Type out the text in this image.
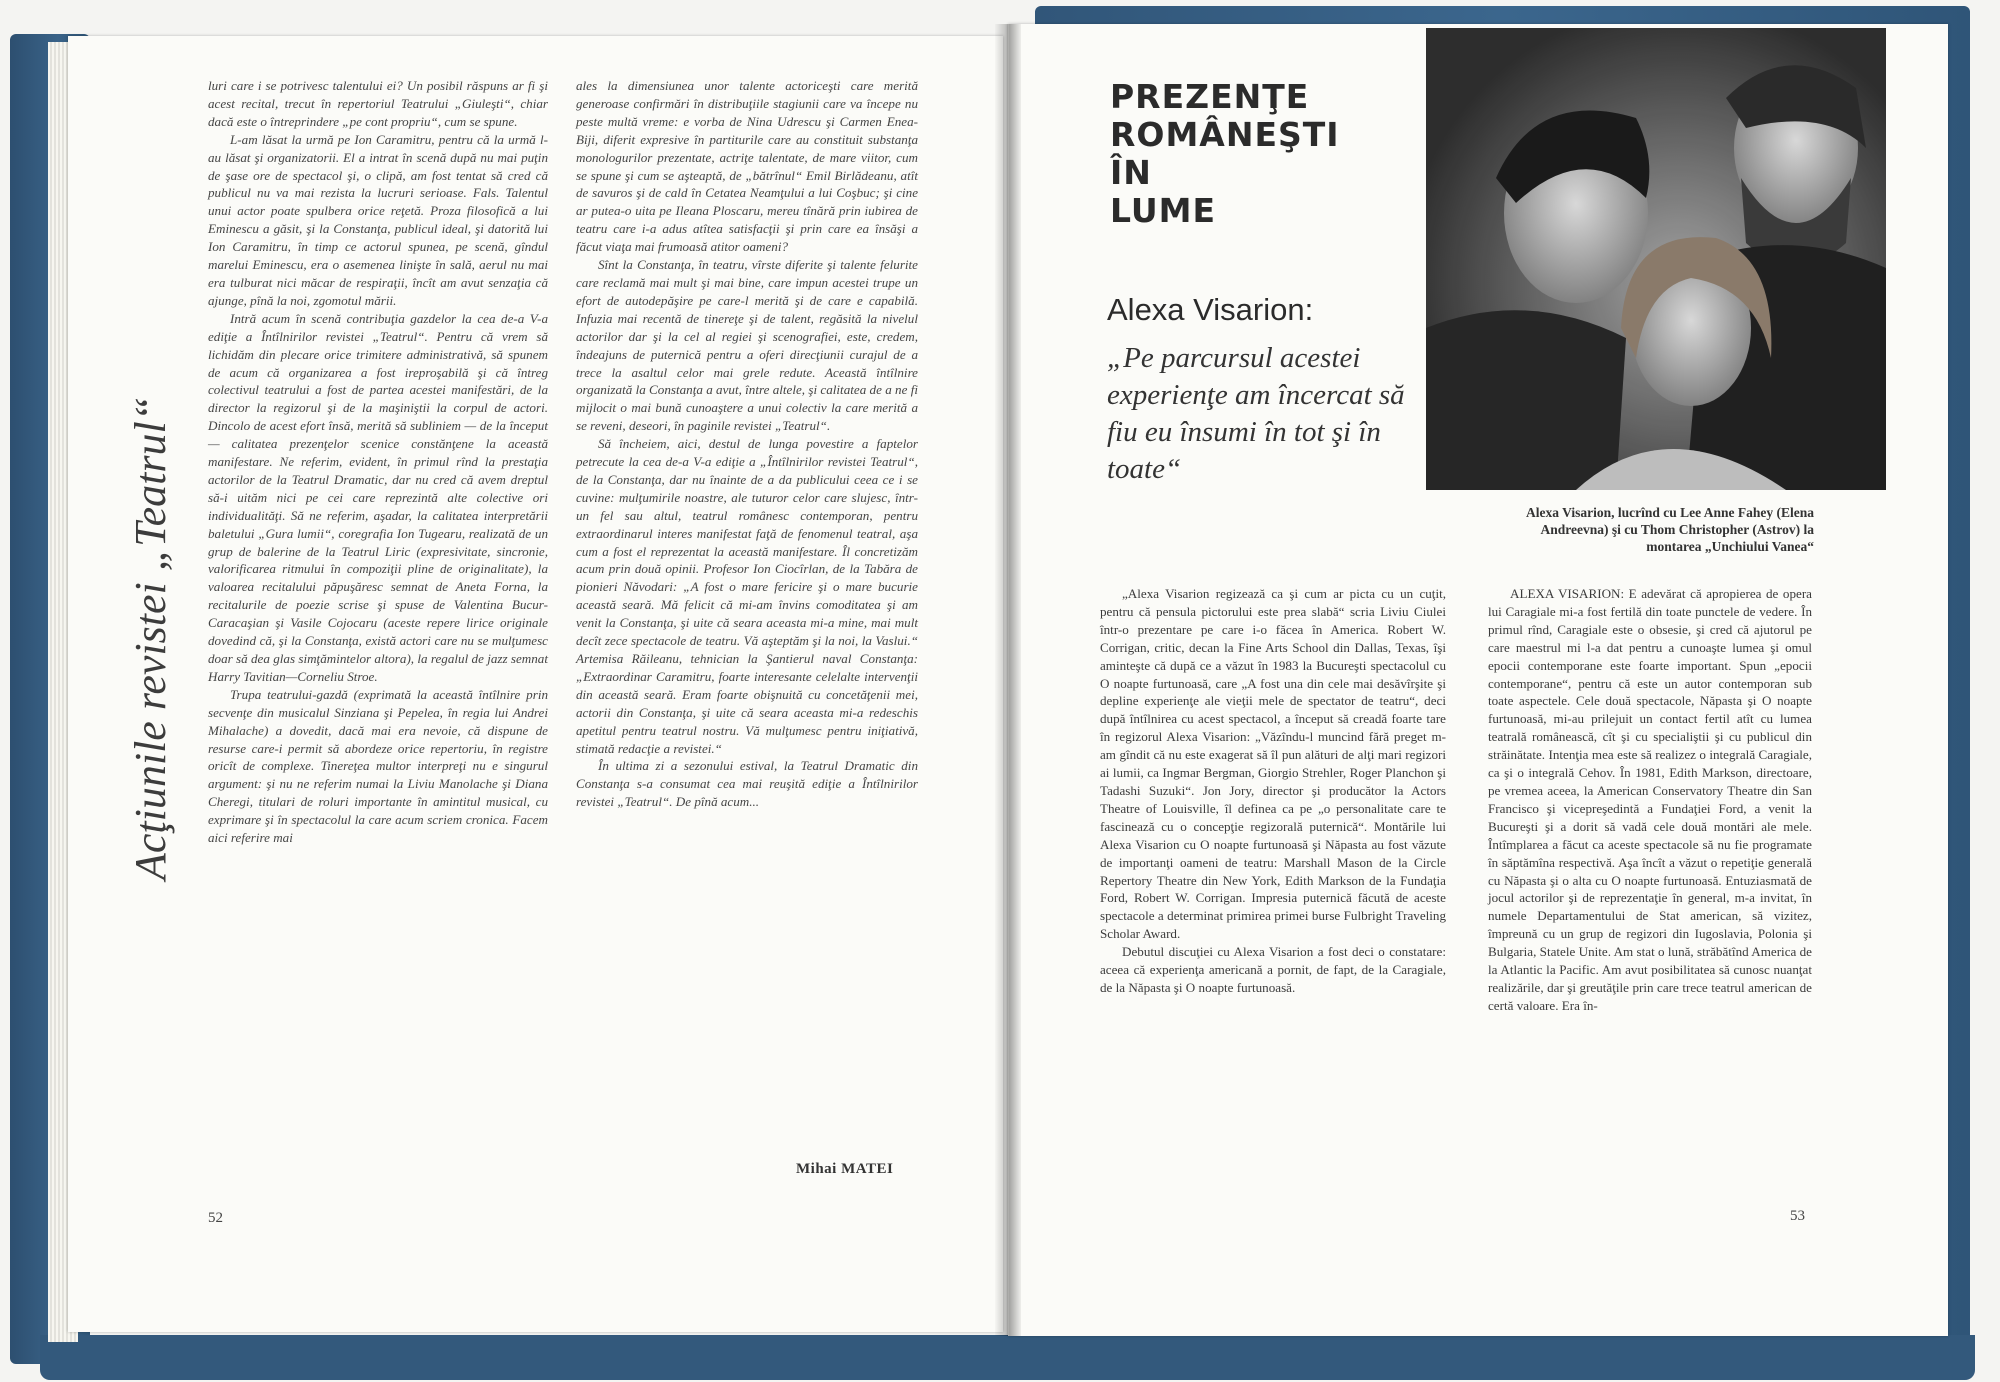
Acţiunile revistei „Teatrul“

luri care i se potrivesc talentului ei? Un posibil răspuns ar fi şi acest recital, trecut în repertoriul Teatrului „Giuleşti“, chiar dacă este o întreprindere „pe cont propriu“, cum se spune.

L-am lăsat la urmă pe Ion Caramitru, pentru că la urmă l-au lăsat şi organizatorii. El a intrat în scenă după nu mai puţin de şase ore de spectacol şi, o clipă, am fost tentat să cred că publicul nu va mai rezista la lucruri serioase. Fals. Talentul unui actor poate spulbera orice reţetă. Proza filosofică a lui Eminescu a găsit, şi la Constanţa, publicul ideal, şi datorită lui Ion Caramitru, în timp ce actorul spunea, pe scenă, gîndul marelui Eminescu, era o asemenea linişte în sală, aerul nu mai era tulburat nici măcar de respiraţii, încît am avut senzaţia că ajunge, pînă la noi, zgomotul mării.

Intră acum în scenă contribuţia gazdelor la cea de-a V-a ediţie a Întîlnirilor revistei „Teatrul“. Pentru că vrem să lichidăm din plecare orice trimitere administrativă, să spunem de acum că organizarea a fost ireproşabilă şi că întreg colectivul teatrului a fost de partea acestei manifestări, de la director la regizorul şi de la maşiniştii la corpul de actori. Dincolo de acest efort însă, merită să subliniem — de la început — calitatea prezenţelor scenice constănţene la această manifestare. Ne referim, evident, în primul rînd la prestaţia actorilor de la Teatrul Dramatic, dar nu cred că avem dreptul să-i uităm nici pe cei care reprezintă alte colective ori individualităţi. Să ne referim, aşadar, la calitatea interpretării baletului „Gura lumii“, coregrafia Ion Tugearu, realizată de un grup de balerine de la Teatrul Liric (expresivitate, sincronie, valorificarea ritmului în compoziţii pline de originalitate), la valoarea recitalului păpuşăresc semnat de Aneta Forna, la recitalurile de poezie scrise şi spuse de Valentina Bucur-Caracaşian şi Vasile Cojocaru (aceste repere lirice originale dovedind că, şi la Constanţa, există actori care nu se mulţumesc doar să dea glas simţămintelor altora), la regalul de jazz semnat Harry Tavitian—Corneliu Stroe.

Trupa teatrului-gazdă (exprimată la această întîlnire prin secvenţe din musicalul Sinziana şi Pepelea, în regia lui Andrei Mihalache) a dovedit, dacă mai era nevoie, că dispune de resurse care-i permit să abordeze orice repertoriu, în registre oricît de complexe. Tinereţea multor interpreţi nu e singurul argument: şi nu ne referim numai la Liviu Manolache şi Diana Cheregi, titulari de roluri importante în amintitul musical, cu exprimare şi în spectacolul la care acum scriem cronica. Facem aici referire mai

ales la dimensiunea unor talente actoriceşti care merită generoase confirmări în distribuţiile stagiunii care va începe nu peste multă vreme: e vorba de Nina Udrescu şi Carmen Enea-Biji, diferit expresive în partiturile care au constituit substanţa monologurilor prezentate, actriţe talentate, de mare viitor, cum se spune şi cum se aşteaptă, de „bătrînul“ Emil Birlădeanu, atît de savuros şi de cald în Cetatea Neamţului a lui Coşbuc; şi cine ar putea-o uita pe Ileana Ploscaru, mereu tînără prin iubirea de teatru care i-a adus atîtea satisfacţii şi prin care ea însăşi a făcut viaţa mai frumoasă atitor oameni?

Sînt la Constanţa, în teatru, vîrste diferite şi talente felurite care reclamă mai mult şi mai bine, care impun acestei trupe un efort de autodepăşire pe care-l merită şi de care e capabilă. Infuzia mai recentă de tinereţe şi de talent, regăsită la nivelul actorilor dar şi la cel al regiei şi scenografiei, este, credem, îndeajuns de puternică pentru a oferi direcţiunii curajul de a trece la asaltul celor mai grele redute. Această întîlnire organizată la Constanţa a avut, între altele, şi calitatea de a ne fi mijlocit o mai bună cunoaştere a unui colectiv la care merită a se reveni, deseori, în paginile revistei „Teatrul“.

Să încheiem, aici, destul de lunga povestire a faptelor petrecute la cea de-a V-a ediţie a „Întîlnirilor revistei Teatrul“, de la Constanţa, dar nu înainte de a da publicului ceea ce i se cuvine: mulţumirile noastre, ale tuturor celor care slujesc, într-un fel sau altul, teatrul românesc contemporan, pentru extraordinarul interes manifestat faţă de fenomenul teatral, aşa cum a fost el reprezentat la această manifestare. Îl concretizăm acum prin două opinii. Profesor Ion Ciocîrlan, de la Tabăra de pionieri Năvodari: „A fost o mare fericire şi o mare bucurie această seară. Mă felicit că mi-am învins comoditatea şi am venit la Constanţa, şi uite că seara aceasta mi-a mine, mai mult decît zece spectacole de teatru. Vă aşteptăm şi la noi, la Vaslui.“ Artemisa Răileanu, tehnician la Şantierul naval Constanţa: „Extraordinar Caramitru, foarte interesante celelalte intervenţii din această seară. Eram foarte obişnuită cu concetăţenii mei, actorii din Constanţa, şi uite că seara aceasta mi-a redeschis apetitul pentru teatrul nostru. Vă mulţumesc pentru iniţiativă, stimată redacţie a revistei.“

În ultima zi a sezonului estival, la Teatrul Dramatic din Constanţa s-a consumat cea mai reuşită ediţie a Întîlnirilor revistei „Teatrul“. De pînă acum...

Mihai MATEI
52
PREZENŢE
ROMÂNEŞTI
ÎN
LUME
Alexa Visarion:
„Pe parcursul acestei experienţe am încercat să fiu eu însumi în tot şi în toate“
Alexa Visarion, lucrînd cu Lee Anne Fahey (Elena Andreevna) şi cu Thom Christopher (Astrov) la montarea „Unchiului Vanea“

„Alexa Visarion regizează ca şi cum ar picta cu un cuţit, pentru că pensula pictorului este prea slabă“ scria Liviu Ciulei într-o prezentare pe care i-o făcea în America. Robert W. Corrigan, critic, decan la Fine Arts School din Dallas, Texas, îşi aminteşte că după ce a văzut în 1983 la Bucureşti spectacolul cu O noapte furtunoasă, care „A fost una din cele mai desăvîrşite şi depline experienţe ale vieţii mele de spectator de teatru“, deci după întîlnirea cu acest spectacol, a început să creadă foarte tare în regizorul Alexa Visarion: „Văzîndu-l muncind fără preget m-am gîndit că nu este exagerat să îl pun alături de alţi mari regizori ai lumii, ca Ingmar Bergman, Giorgio Strehler, Roger Planchon şi Tadashi Suzuki“. Jon Jory, director şi producător la Actors Theatre of Louisville, îl defineа ca pe „o personalitate care te fascinează cu o concepţie regizorală puternică“. Montările lui Alexa Visarion cu O noapte furtunoasă şi Năpasta au fost văzute de importanţi oameni de teatru: Marshall Mason de la Circle Repertory Theatre din New York, Edith Markson de la Fundaţia Ford, Robert W. Corrigan. Impresia puternică făcută de aceste spectacole a determinat primirea primei burse Fulbright Traveling Scholar Award.

Debutul discuţiei cu Alexa Visarion a fost deci o constatare: aceea că experienţa americană a pornit, de fapt, de la Caragiale, de la Năpasta şi O noapte furtunoasă.

ALEXA VISARION: E adevărat că apropierea de opera lui Caragiale mi-a fost fertilă din toate punctele de vedere. În primul rînd, Caragiale este o obsesie, şi cred că ajutorul pe care maestrul mi l-a dat pentru a cunoaşte lumea şi omul epocii contemporane este foarte important. Spun „epocii contemporane“, pentru că este un autor contemporan sub toate aspectele. Cele două spectacole, Năpasta şi O noapte furtunoasă, mi-au prilejuit un contact fertil atît cu lumea teatrală românească, cît şi cu specialiştii şi cu publicul din străinătate. Intenţia mea este să realizez o integrală Caragiale, ca şi o integrală Cehov. În 1981, Edith Markson, directoare, pe vremea aceea, la American Conservatory Theatre din San Francisco şi vicepreşedintă a Fundaţiei Ford, a venit la Bucureşti şi a dorit să vadă cele două montări ale mele. Întîmplarea a făcut ca aceste spectacole să nu fie programate în săptămîna respectivă. Aşa încît a văzut o repetiţie generală cu Năpasta şi o alta cu O noapte furtunoasă. Entuziasmată de jocul actorilor şi de reprezentaţie în general, m-a invitat, în numele Departamentului de Stat american, să vizitez, împreună cu un grup de regizori din Iugoslavia, Polonia şi Bulgaria, Statele Unite. Am stat o lună, străbătînd America de la Atlantic la Pacific. Am avut posibilitatea să cunosc nuanţat realizările, dar şi greutăţile prin care trece teatrul american de certă valoare. Era în-

53
